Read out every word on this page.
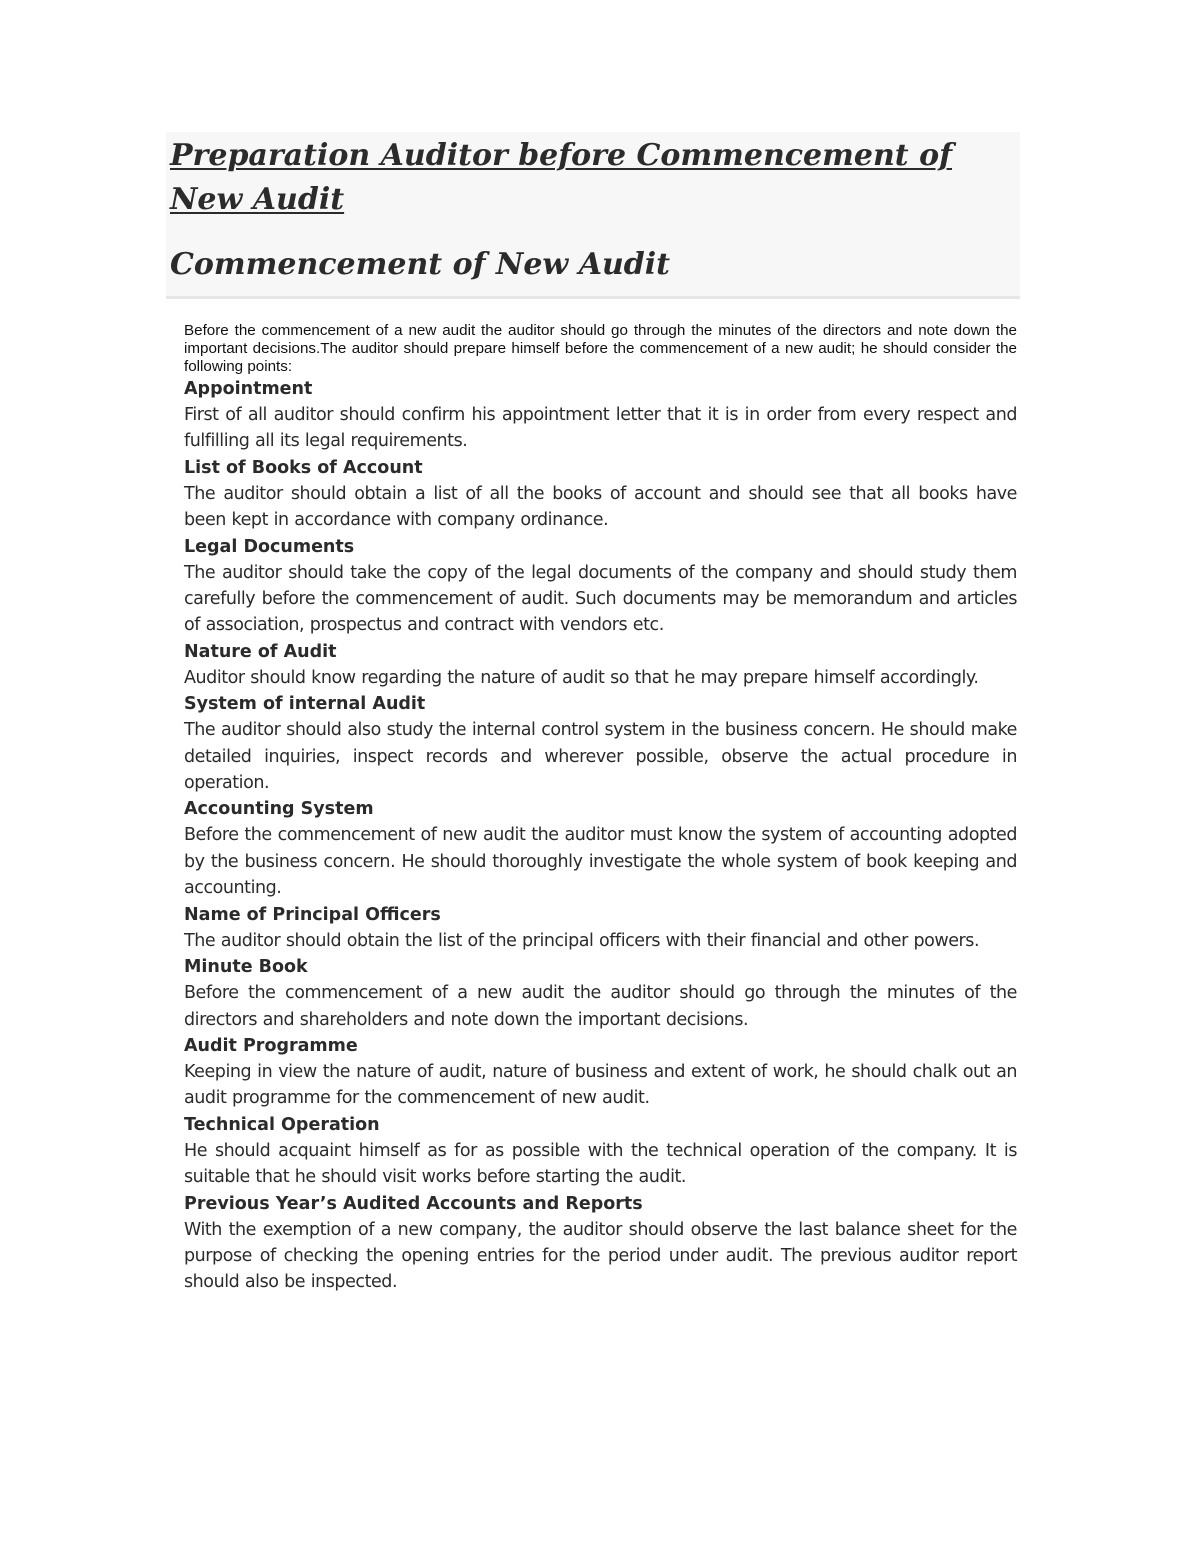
Preparation Auditor before Commencement of New Audit
Commencement of New Audit

Before the commencement of a new audit the auditor should go through the minutes of the directors and note down the important decisions.The auditor should prepare himself before the commencement of a new audit; he should consider the following points:

Appointment

First of all auditor should confirm his appointment letter that it is in order from every respect and fulfilling all its legal requirements.

List of Books of Account

The auditor should obtain a list of all the books of account and should see that all books have been kept in accordance with company ordinance.

Legal Documents

The auditor should take the copy of the legal documents of the company and should study them carefully before the commencement of audit. Such documents may be memorandum and articles of association, prospectus and contract with vendors etc.

Nature of Audit

Auditor should know regarding the nature of audit so that he may prepare himself accordingly.

System of internal Audit

The auditor should also study the internal control system in the business concern. He should make detailed inquiries, inspect records and wherever possible, observe the actual procedure in operation.

Accounting System

Before the commencement of new audit the auditor must know the system of accounting adopted by the business concern. He should thoroughly investigate the whole system of book keeping and accounting.

Name of Principal Officers

The auditor should obtain the list of the principal officers with their financial and other powers.

Minute Book

Before the commencement of a new audit the auditor should go through the minutes of the directors and shareholders and note down the important decisions.

Audit Programme

Keeping in view the nature of audit, nature of business and extent of work, he should chalk out an audit programme for the commencement of new audit.

Technical Operation

He should acquaint himself as for as possible with the technical operation of the company. It is suitable that he should visit works before starting the audit.

Previous Year’s Audited Accounts and Reports

With the exemption of a new company, the auditor should observe the last balance sheet for the purpose of checking the opening entries for the period under audit. The previous auditor report should also be inspected.
